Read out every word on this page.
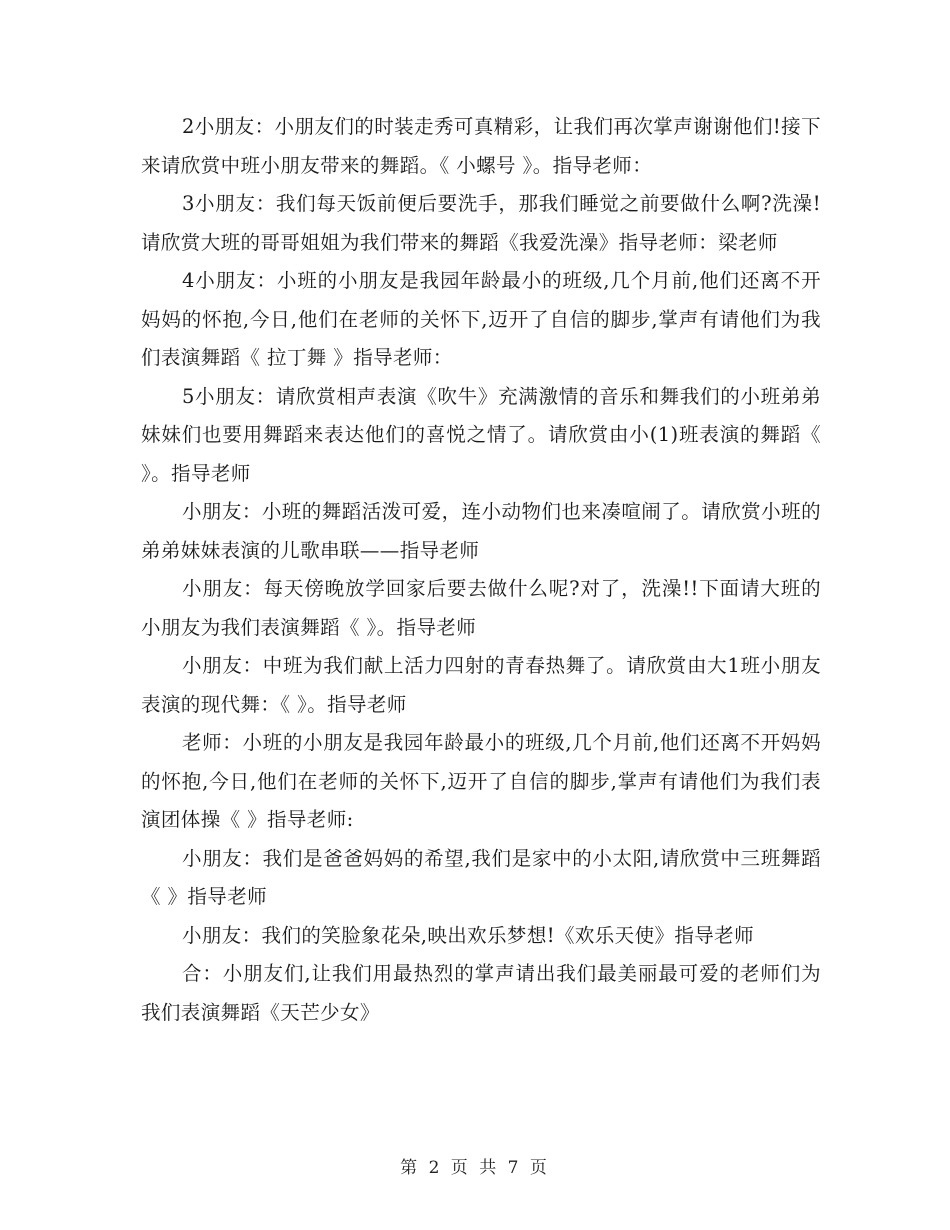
2小朋友：小朋友们的时装走秀可真精彩，让我们再次掌声谢谢他们!接下来请欣赏中班小朋友带来的舞蹈。《 小螺号 》。指导老师：

3小朋友：我们每天饭前便后要洗手，那我们睡觉之前要做什么啊?洗澡!请欣赏大班的哥哥姐姐为我们带来的舞蹈《我爱洗澡》指导老师：梁老师

4小朋友：小班的小朋友是我园年龄最小的班级,几个月前,他们还离不开妈妈的怀抱,今日,他们在老师的关怀下,迈开了自信的脚步,掌声有请他们为我们表演舞蹈《 拉丁舞 》指导老师：

5小朋友：请欣赏相声表演《吹牛》充满激情的音乐和舞我们的小班弟弟妹妹们也要用舞蹈来表达他们的喜悦之情了。请欣赏由小(1)班表演的舞蹈《 》。指导老师

小朋友：小班的舞蹈活泼可爱，连小动物们也来凑喧闹了。请欣赏小班的弟弟妹妹表演的儿歌串联——指导老师

小朋友：每天傍晚放学回家后要去做什么呢?对了，洗澡!!下面请大班的小朋友为我们表演舞蹈《 》。指导老师

小朋友：中班为我们献上活力四射的青春热舞了。请欣赏由大1班小朋友表演的现代舞：《 》。指导老师

老师：小班的小朋友是我园年龄最小的班级,几个月前,他们还离不开妈妈的怀抱,今日,他们在老师的关怀下,迈开了自信的脚步,掌声有请他们为我们表演团体操《 》指导老师:

小朋友：我们是爸爸妈妈的希望,我们是家中的小太阳,请欣赏中三班舞蹈《 》指导老师

小朋友：我们的笑脸象花朵,映出欢乐梦想!《欢乐天使》指导老师

合：小朋友们,让我们用最热烈的掌声请出我们最美丽最可爱的老师们为我们表演舞蹈《天芒少女》

第 2 页 共 7 页
